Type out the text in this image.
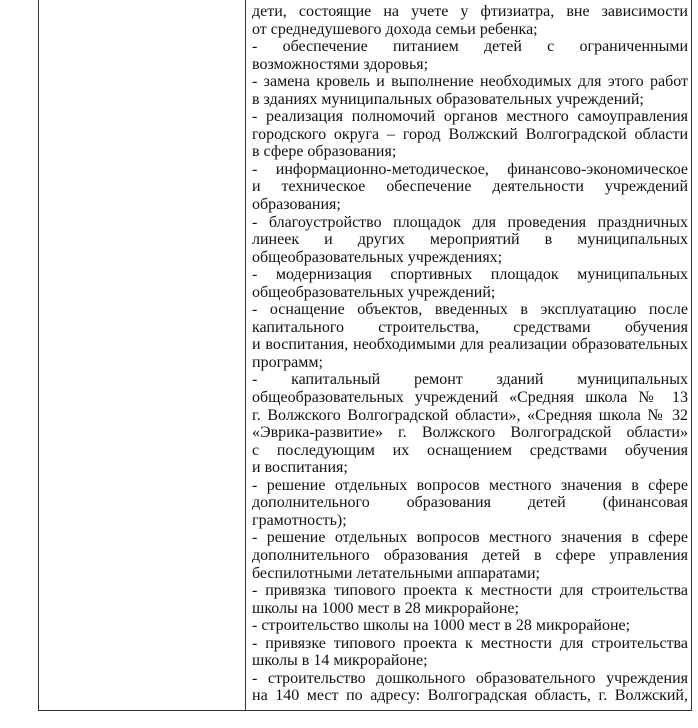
дети, состоящие на учете у фтизиатра, вне зависимости
от среднедушевого дохода семьи ребенка;
- обеспечение питанием детей с ограниченными
возможностями здоровья;
- замена кровель и выполнение необходимых для этого работ
в зданиях муниципальных образовательных учреждений;
- реализация полномочий органов местного самоуправления
городского округа – город Волжский Волгоградской области
в сфере образования;
- информационно-методическое, финансово-экономическое
и техническое обеспечение деятельности учреждений
образования;
- благоустройство площадок для проведения праздничных
линеек и других мероприятий в муниципальных
общеобразовательных учреждениях;
- модернизация спортивных площадок муниципальных
общеобразовательных учреждений;
- оснащение объектов, введенных в эксплуатацию после
капитального строительства, средствами обучения
и воспитания, необходимыми для реализации образовательных
программ;
- капитальный ремонт зданий муниципальных
общеобразовательных учреждений «Средняя школа № 13
г. Волжского Волгоградской области», «Средняя школа № 32
«Эврика-развитие» г. Волжского Волгоградской области»
с последующим их оснащением средствами обучения
и воспитания;
- решение отдельных вопросов местного значения в сфере
дополнительного образования детей (финансовая
грамотность);
- решение отдельных вопросов местного значения в сфере
дополнительного образования детей в сфере управления
беспилотными летательными аппаратами;
- привязка типового проекта к местности для строительства
школы на 1000 мест в 28 микрорайоне;
- строительство школы на 1000 мест в 28 микрорайоне;
- привязке типового проекта к местности для строительства
школы в 14 микрорайоне;
- строительство дошкольного образовательного учреждения
на 140 мест по адресу: Волгоградская область, г. Волжский,
